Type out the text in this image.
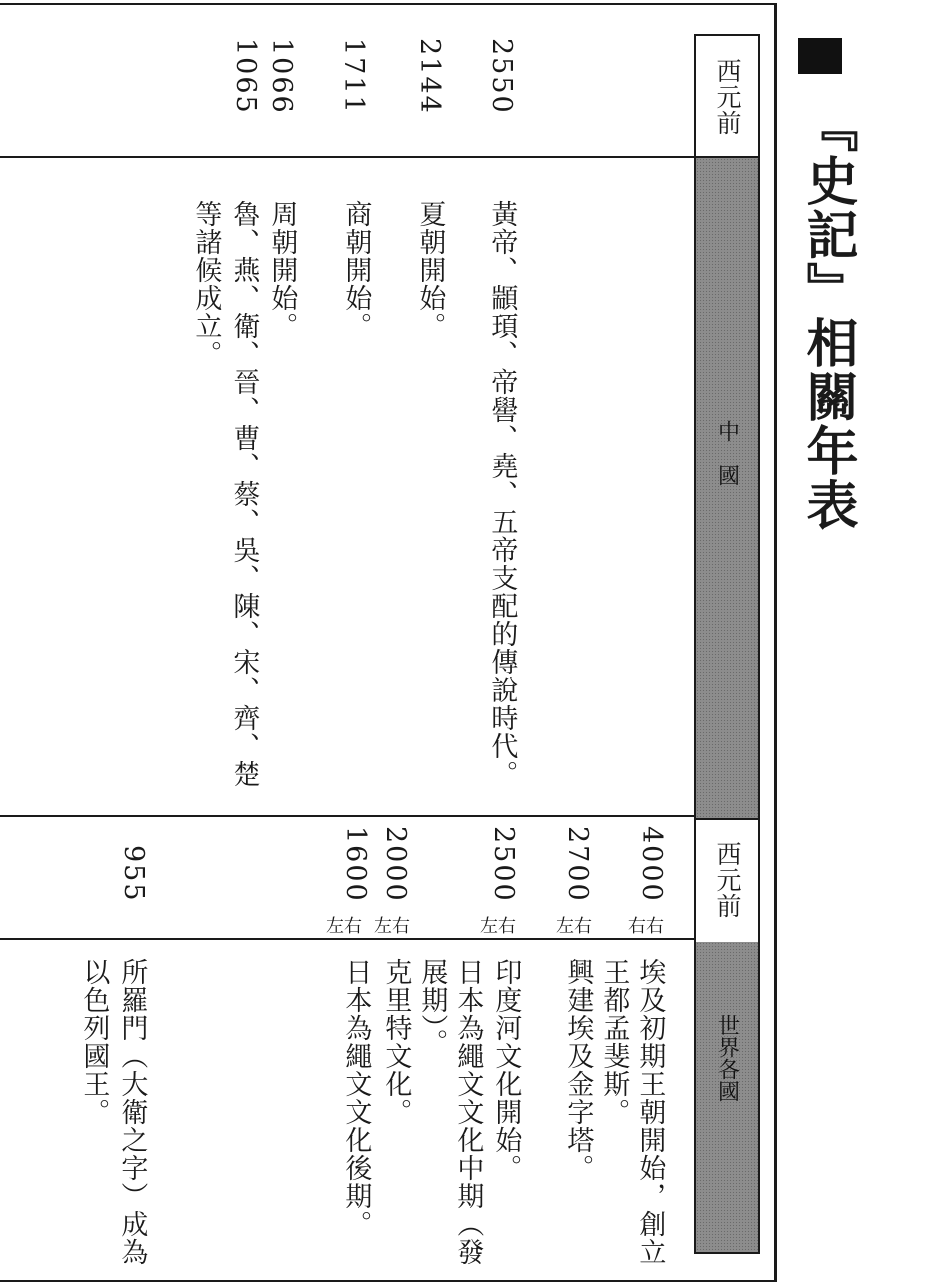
『史記』相關年表
西元前
中　國
西元前
世界各國
2550
2144
1711
1066
1065
黃帝、顓頊、帝嚳、堯、五帝支配的傳說時代。
夏朝開始。
商朝開始。
周朝開始。
魯、燕、衛、晉、曹、蔡、吳、陳、宋、齊、楚
等諸候成立。
4000
右右
2700
左右
2500
左右
2000
左右
1600
左右
955
埃及初期王朝開始，創立
王都孟斐斯。
興建埃及金字塔。
印度河文化開始。
日本為繩文文化中期（發
展期）。
克里特文化。
日本為繩文文化後期。
所羅門（大衛之字）成為
以色列國王。
